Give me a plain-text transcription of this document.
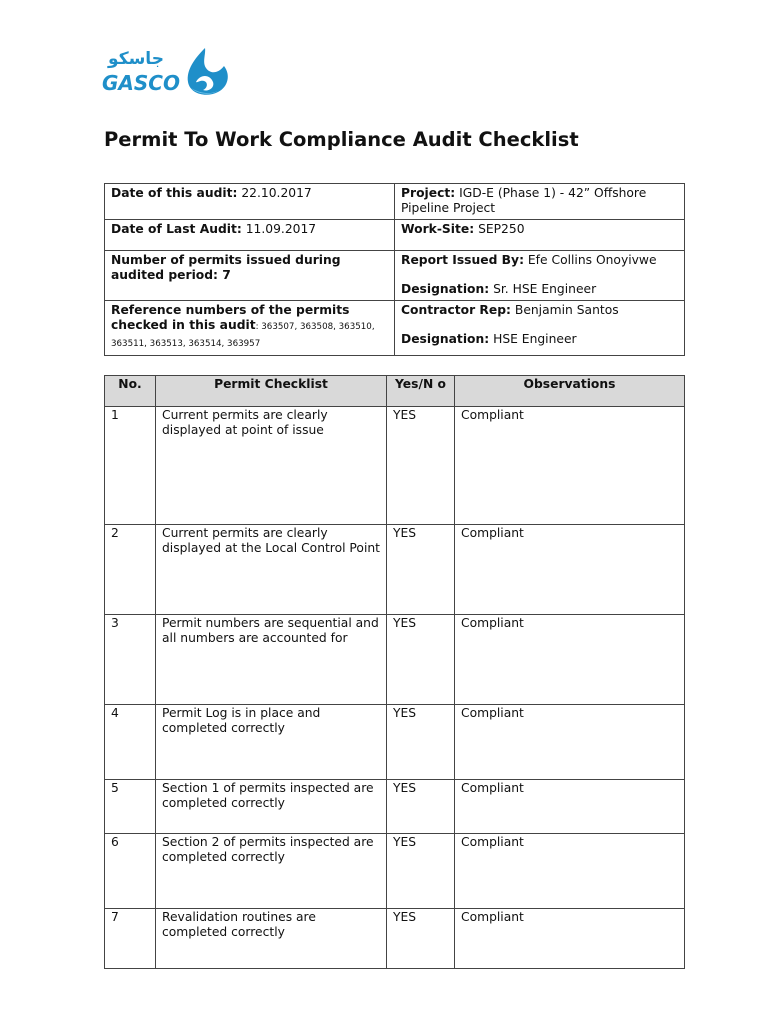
جاسكو
GASCO
Permit To Work Compliance Audit Checklist
Date of this audit: 22.10.2017	Project: IGD-E (Phase 1) - 42” Offshore Pipeline Project
Date of Last Audit: 11.09.2017	Work-Site: SEP250
Number of permits issued during audited period: 7	Report Issued By: Efe Collins Onoyivwe
Designation: Sr. HSE Engineer
Reference numbers of the permits checked in this audit: 363507, 363508, 363510, 363511, 363513, 363514, 363957	Contractor Rep: Benjamin Santos
Designation: HSE Engineer
No.	Permit Checklist	Yes/N o	Observations
1	Current permits are clearly displayed at point of issue	YES	Compliant
2	Current permits are clearly displayed at the Local Control Point	YES	Compliant
3	Permit numbers are sequential and all numbers are accounted for	YES	Compliant
4	Permit Log is in place and completed correctly	YES	Compliant
5	Section 1 of permits inspected are completed correctly	YES	Compliant
6	Section 2 of permits inspected are completed correctly	YES	Compliant
7	Revalidation routines are completed correctly	YES	Compliant
